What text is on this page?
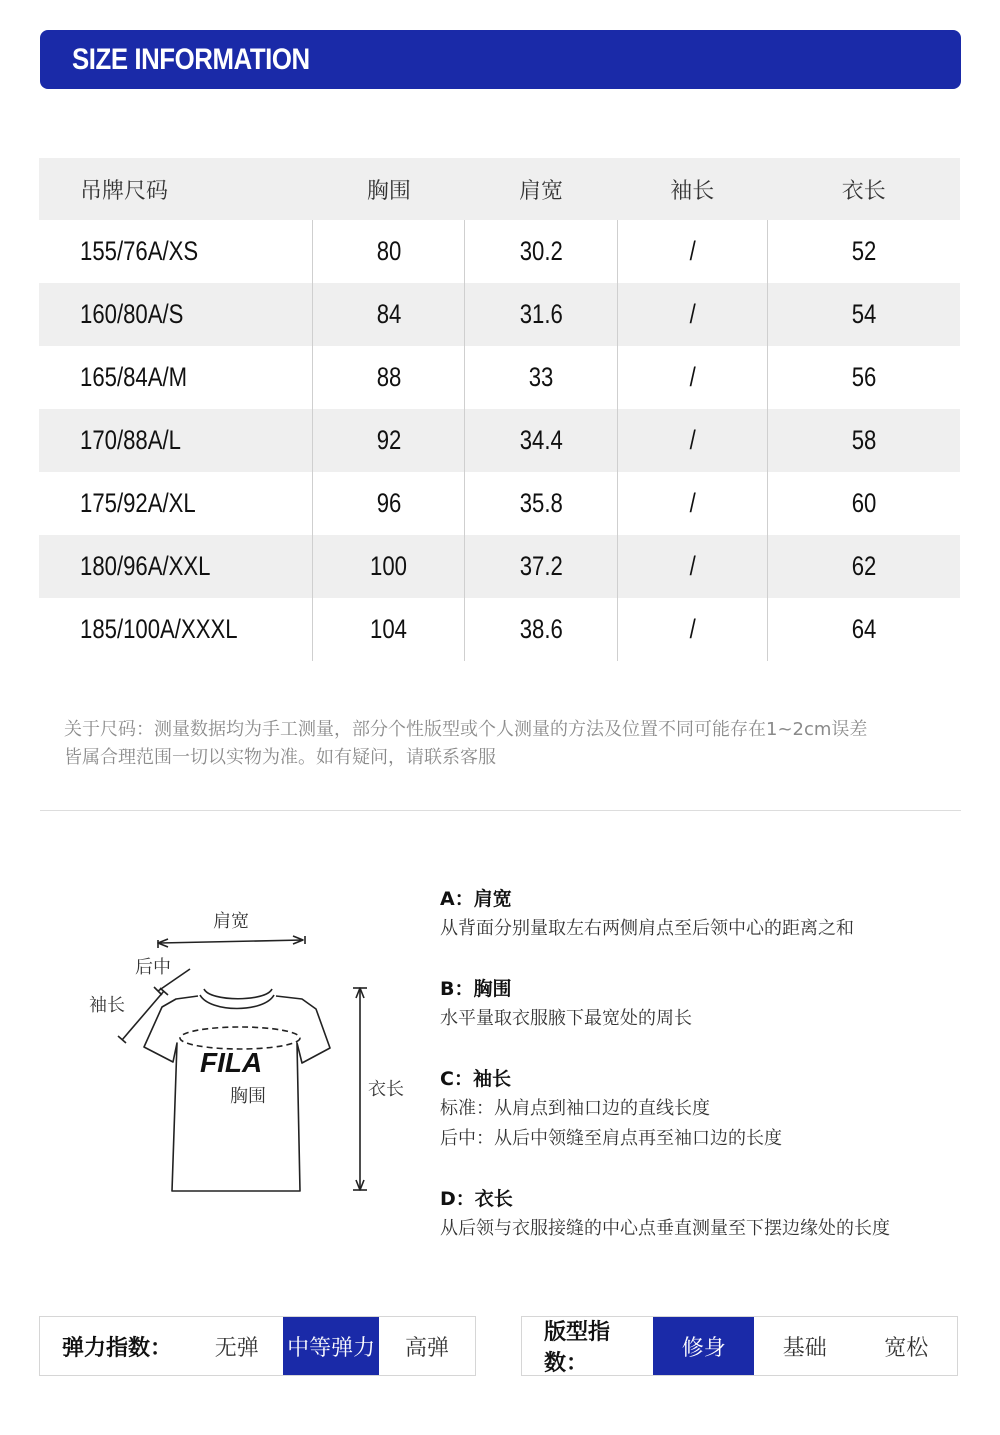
SIZE INFORMATION
吊牌尺码	胸围	肩宽	袖长	衣长
155/76A/XS	80	30.2	/	52
160/80A/S	84	31.6	/	54
165/84A/M	88	33	/	56
170/88A/L	92	34.4	/	58
175/92A/XL	96	35.8	/	60
180/96A/XXL	100	37.2	/	62
185/100A/XXXL	104	38.6	/	64

关于尺码：测量数据均为手工测量，部分个性版型或个人测量的方法及位置不同可能存在1~2cm误差

皆属合理范围一切以实物为准。如有疑问，请联系客服

FILA
肩宽
后中
袖长
胸围	衣长
A：肩宽
从背面分别量取左右两侧肩点至后领中心的距离之和
B：胸围
水平量取衣服腋下最宽处的周长
C：袖长
标准：从肩点到袖口边的直线长度
后中：从后中领缝至肩点再至袖口边的长度
D：衣长
从后领与衣服接缝的中心点垂直测量至下摆边缘处的长度
弹力指数：	无弹	中等弹力	高弹
版型指数：
修身	基础	宽松
